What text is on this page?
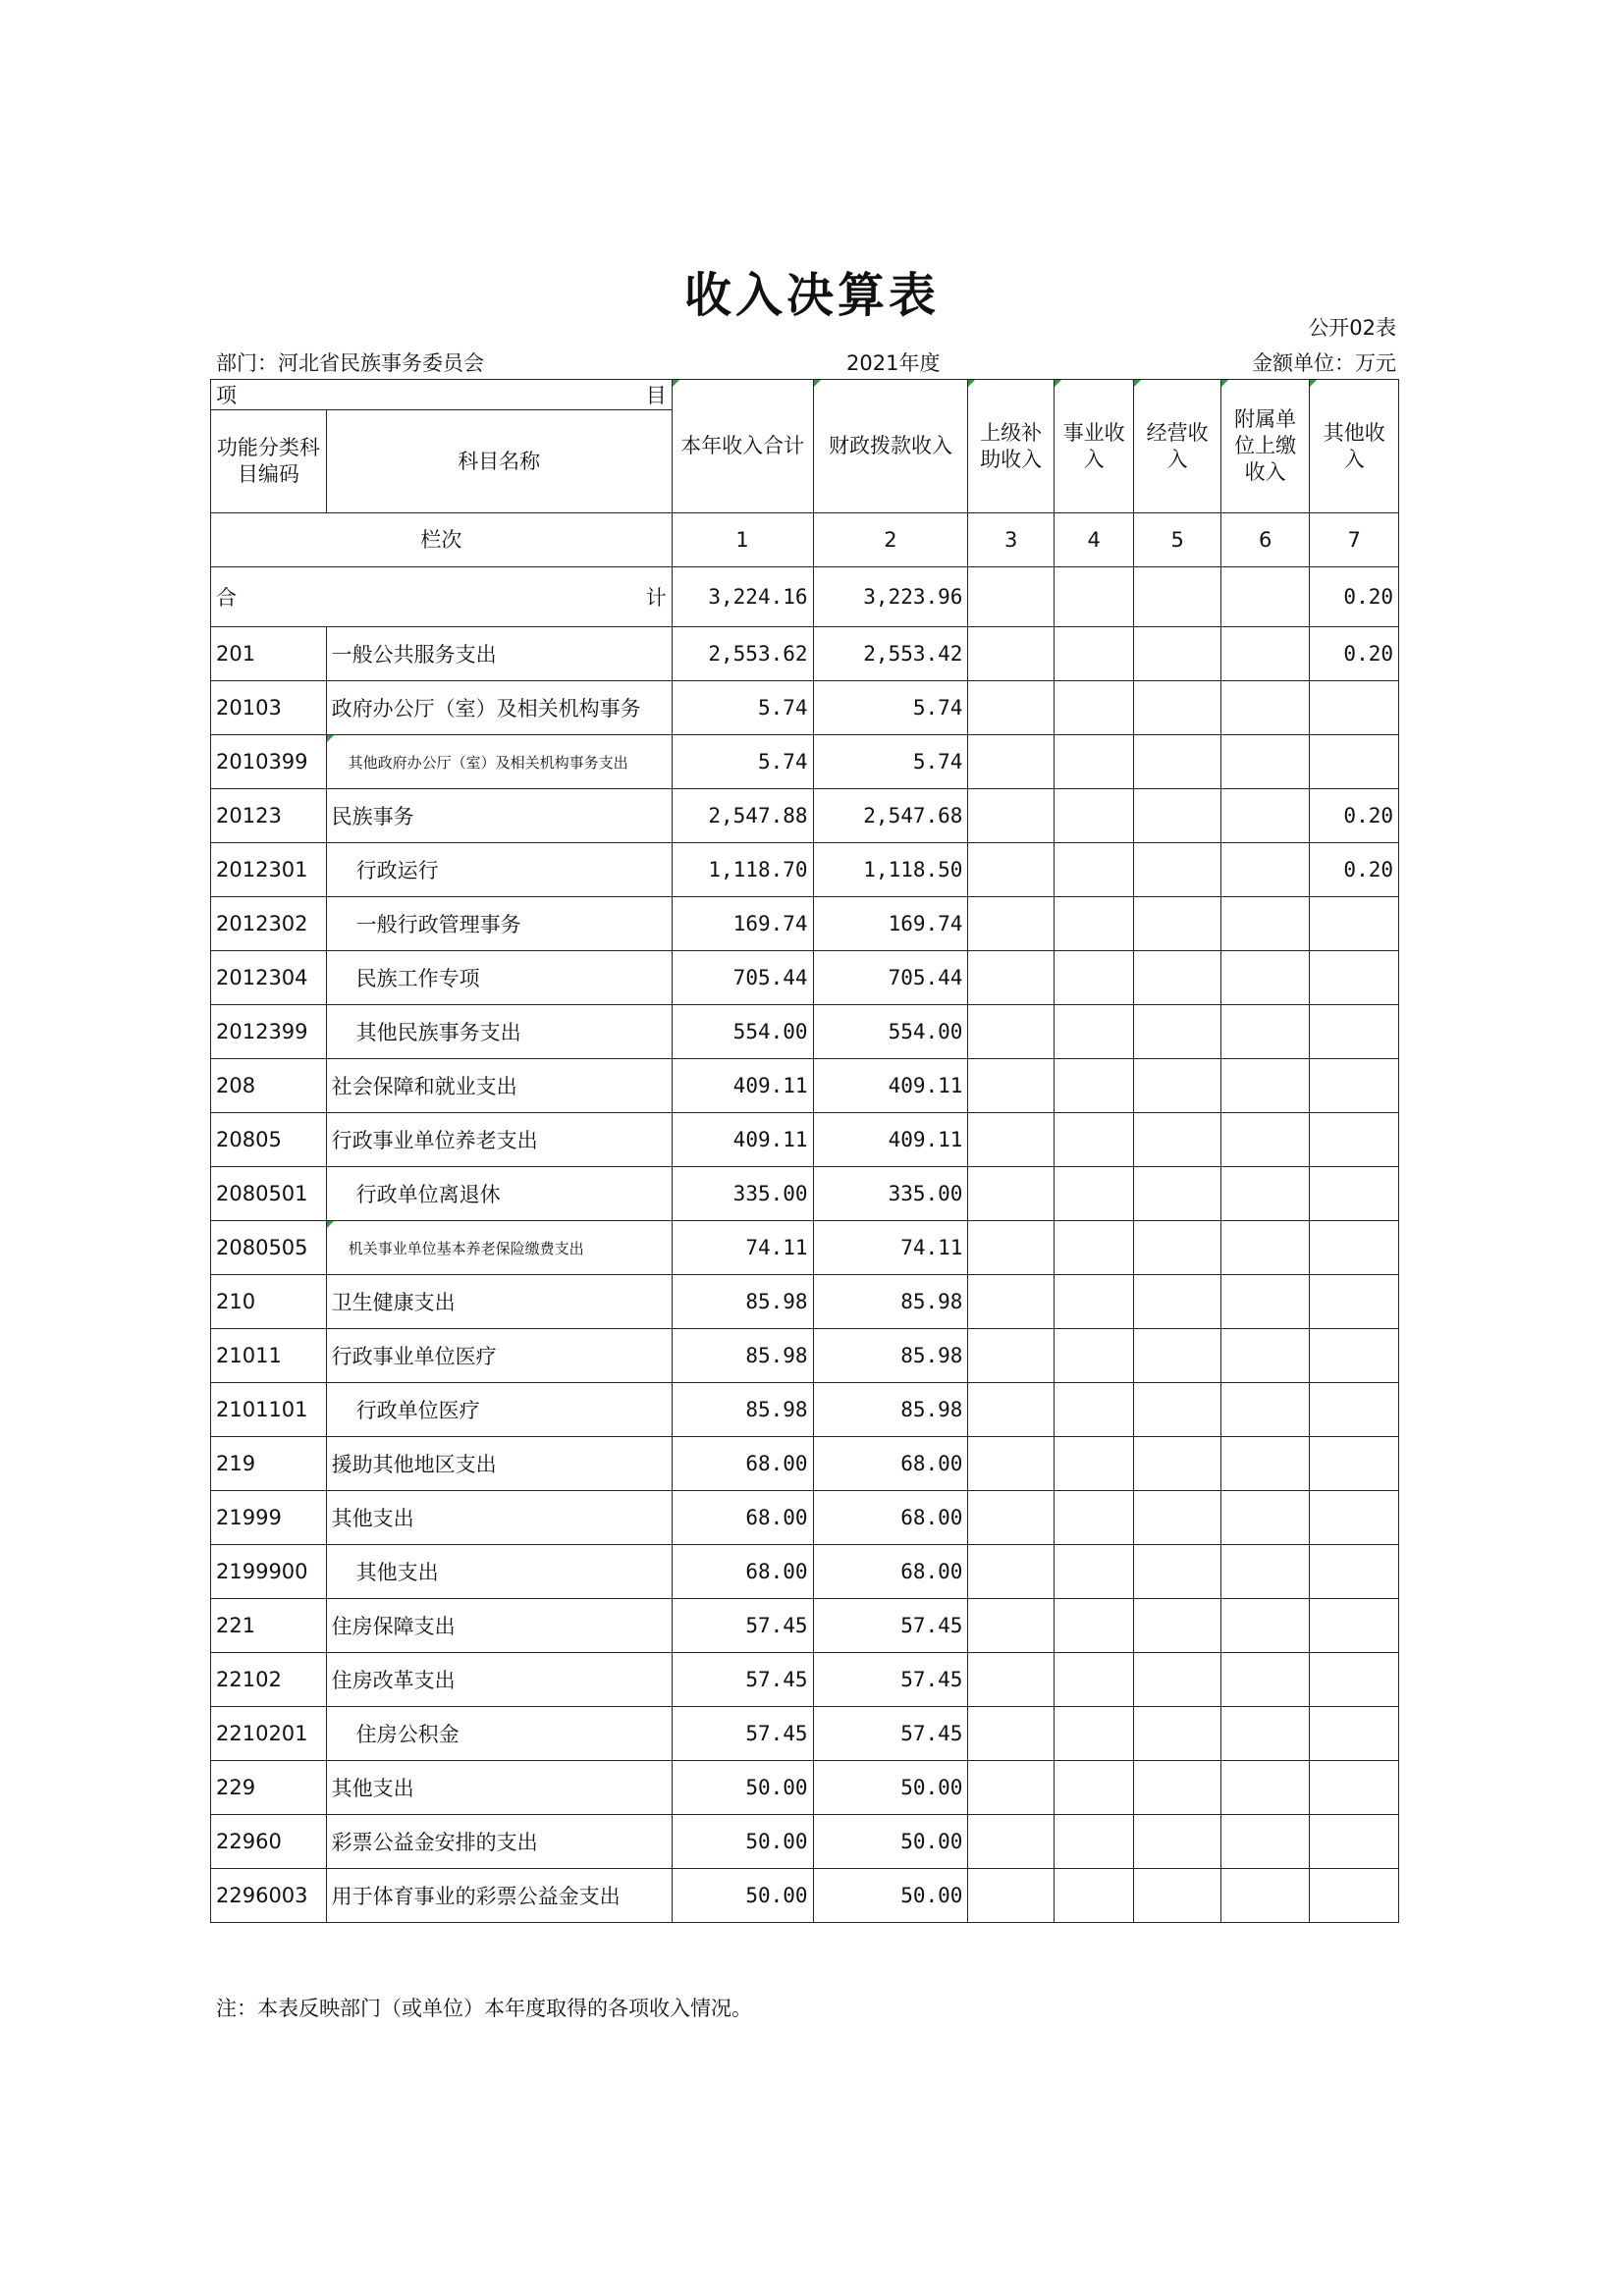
收入决算表
公开02表
部门：河北省民族事务委员会	2021年度	金额单位：万元
项 目		本年收入合计	财政拨款收入	上级补助收入	事业收入	经营收入	附属单位上缴收入	其他收入
功能分类科目编码	科目名称							
栏次		1	2	3	4	5	6	7

合 计		3,224.16	3,223.96					0.20
201	一般公共服务支出	2,553.62	2,553.42					0.20
20103	政府办公厅（室）及相关机构事务	5.74	5.74					
2010399	其他政府办公厅（室）及相关机构事务支出	5.74	5.74					
20123	民族事务	2,547.88	2,547.68					0.20
2012301	行政运行	1,118.70	1,118.50					0.20
2012302	一般行政管理事务	169.74	169.74					
2012304	民族工作专项	705.44	705.44					
2012399	其他民族事务支出	554.00	554.00					
208	社会保障和就业支出	409.11	409.11					
20805	行政事业单位养老支出	409.11	409.11					
2080501	行政单位离退休	335.00	335.00					
2080505	机关事业单位基本养老保险缴费支出	74.11	74.11					
210	卫生健康支出	85.98	85.98					
21011	行政事业单位医疗	85.98	85.98					
2101101	行政单位医疗	85.98	85.98					
219	援助其他地区支出	68.00	68.00					
21999	其他支出	68.00	68.00					
2199900	其他支出	68.00	68.00					
221	住房保障支出	57.45	57.45					
22102	住房改革支出	57.45	57.45					
2210201	住房公积金	57.45	57.45					
229	其他支出	50.00	50.00					
22960	彩票公益金安排的支出	50.00	50.00					
2296003	用于体育事业的彩票公益金支出	50.00	50.00					
注：本表反映部门（或单位）本年度取得的各项收入情况。
